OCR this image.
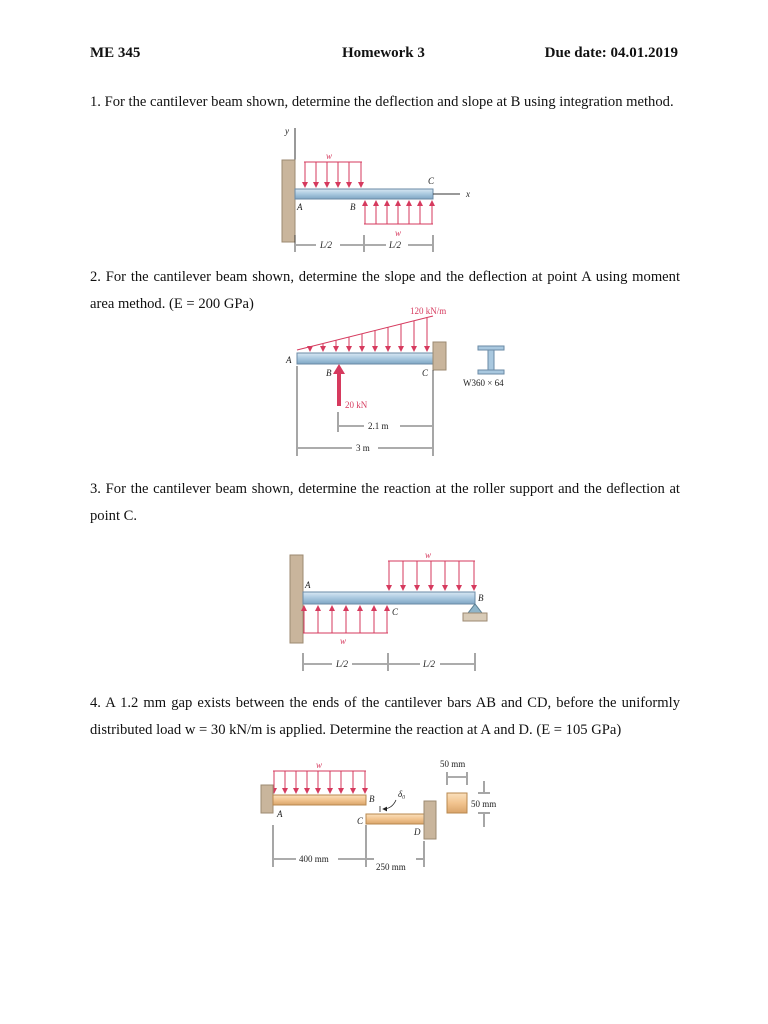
ME 345	Homework 3	Due date: 04.01.2019
1. For the cantilever beam shown, determine the deflection and slope at B using integration method.
y
x
w
w
A	B
C
L/2	L/2
2. For the cantilever beam shown, determine the slope and the deflection at point A using moment area method. (E = 200 GPa)	120 kN/m
A
B	C
20 kN
W360 × 64
2.1 m
3 m
3. For the cantilever beam shown, determine the reaction at the roller support and the deflection at point C.
w
w
A
C
B
L/2	L/2
4. A 1.2 mm gap exists between the ends of the cantilever bars AB and CD, before the uniformly distributed load w = 30 kN/m is applied. Determine the reaction at A and D. (E = 105 GPa)
w
A
B
C
D
δ₀
400 mm
250 mm
50 mm
50 mm
